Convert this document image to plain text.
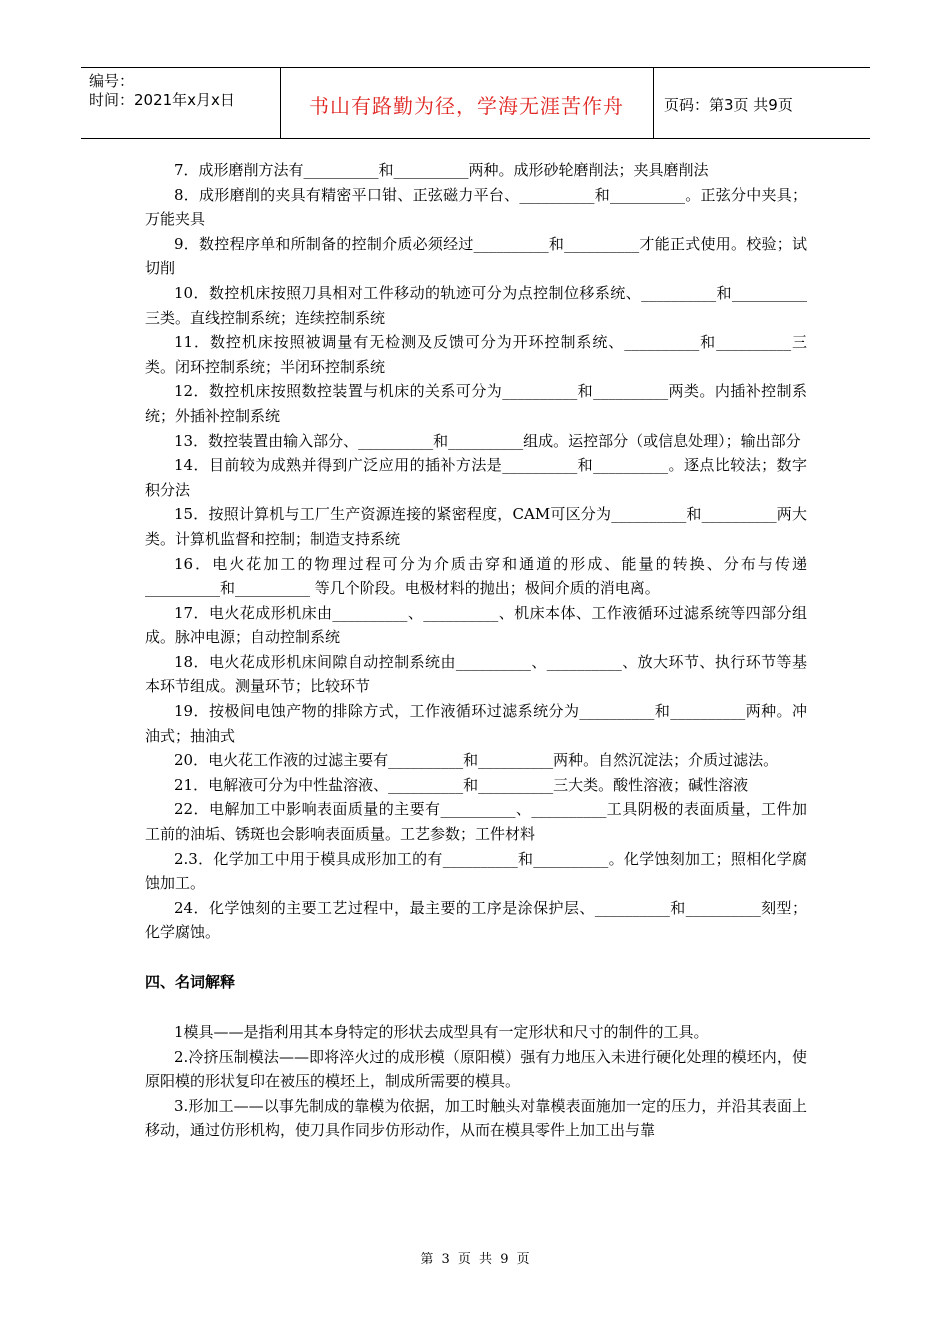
编号：
时间：2021年x月x日	书山有路勤为径，学海无涯苦作舟	页码：第3页 共9页

7．成形磨削方法有__________和__________两种。成形砂轮磨削法；夹具磨削法

8．成形磨削的夹具有精密平口钳、正弦磁力平台、__________和__________。正弦分中夹具；万能夹具

9．数控程序单和所制备的控制介质必须经过__________和__________才能正式使用。校验；试切削

10．数控机床按照刀具相对工件移动的轨迹可分为点控制位移系统、__________和__________三类。直线控制系统；连续控制系统

11．数控机床按照被调量有无检测及反馈可分为开环控制系统、__________和__________三类。闭环控制系统；半闭环控制系统

12．数控机床按照数控装置与机床的关系可分为__________和__________两类。内插补控制系统；外插补控制系统

13．数控装置由输入部分、__________和__________组成。运控部分（或信息处理）；输出部分

14．目前较为成熟并得到广泛应用的插补方法是__________和__________。逐点比较法；数字积分法

15．按照计算机与工厂生产资源连接的紧密程度，CAM可区分为__________和__________两大类。计算机监督和控制；制造支持系统

16．电火花加工的物理过程可分为介质击穿和通道的形成、能量的转换、分布与传递__________和__________ 等几个阶段。电极材料的抛出；极间介质的消电离。

17．电火花成形机床由__________、__________、机床本体、工作液循环过滤系统等四部分组成。脉冲电源；自动控制系统

18．电火花成形机床间隙自动控制系统由__________、__________、放大环节、执行环节等基本环节组成。测量环节；比较环节

19．按极间电蚀产物的排除方式，工作液循环过滤系统分为__________和__________两种。冲油式；抽油式

20．电火花工作液的过滤主要有__________和__________两种。自然沉淀法；介质过滤法。

21．电解液可分为中性盐溶液、__________和__________三大类。酸性溶液；碱性溶液

22．电解加工中影响表面质量的主要有__________、__________工具阴极的表面质量，工件加工前的油垢、锈斑也会影响表面质量。工艺参数；工件材料

2.3．化学加工中用于模具成形加工的有__________和__________。化学蚀刻加工；照相化学腐蚀加工。

24．化学蚀刻的主要工艺过程中，最主要的工序是涂保护层、__________和__________刻型；化学腐蚀。

四、名词解释

1模具——是指利用其本身特定的形状去成型具有一定形状和尺寸的制件的工具。

2.冷挤压制模法——即将淬火过的成形模（原阳模）强有力地压入未进行硬化处理的模坯内，使原阳模的形状复印在被压的模坯上，制成所需要的模具。

3.形加工——以事先制成的靠模为依据，加工时触头对靠模表面施加一定的压力，并沿其表面上移动，通过仿形机构，使刀具作同步仿形动作，从而在模具零件上加工出与靠

第 3 页 共 9 页
